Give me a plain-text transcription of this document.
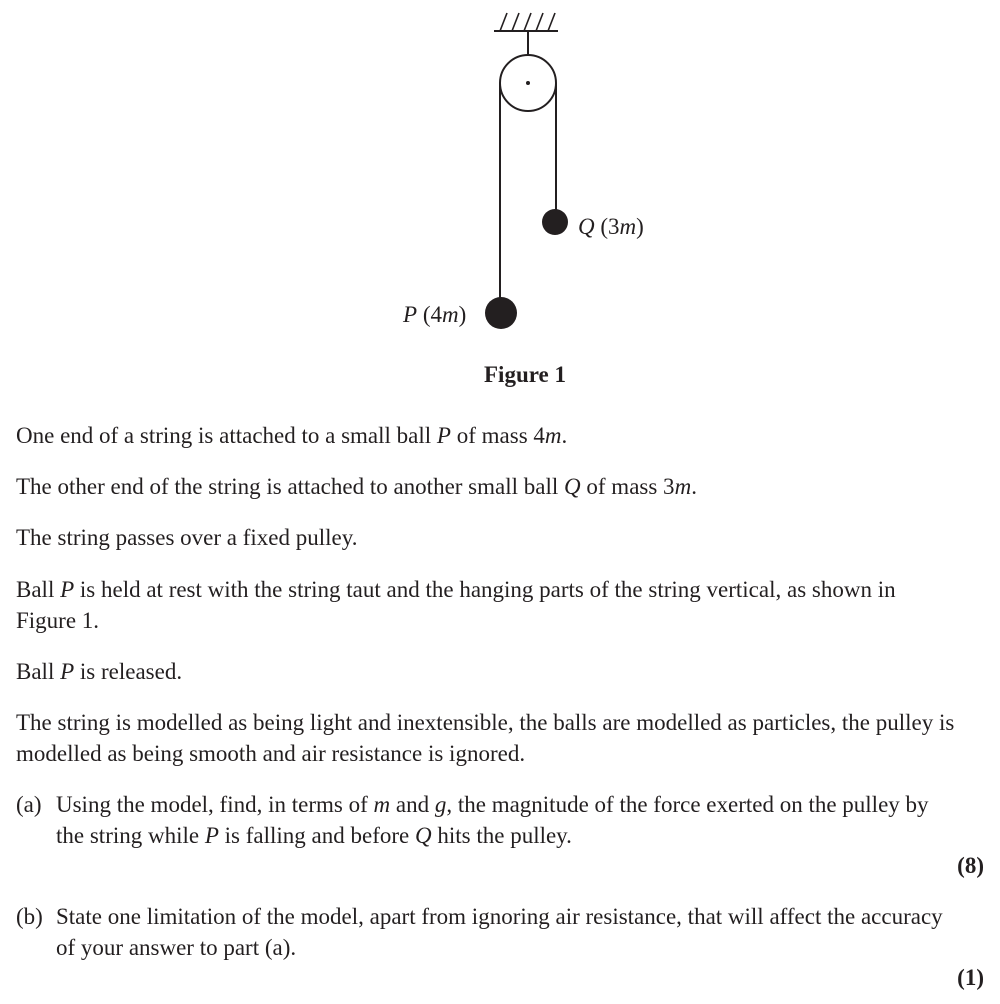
Q (3m)
P (4m)
Figure 1

One end of a string is attached to a small ball P of mass 4m.

The other end of the string is attached to another small ball Q of mass 3m.

The string passes over a fixed pulley.

Ball P is held at rest with the string taut and the hanging parts of the string vertical, as shown in Figure 1.

Ball P is released.

The string is modelled as being light and inextensible, the balls are modelled as particles, the pulley is modelled as being smooth and air resistance is ignored.

(a) Using the model, find, in terms of m and g, the magnitude of the force exerted on the pulley by the string while P is falling and before Q hits the pulley.
(8)
(b) State one limitation of the model, apart from ignoring air resistance, that will affect the accuracy of your answer to part (a).
(1)
